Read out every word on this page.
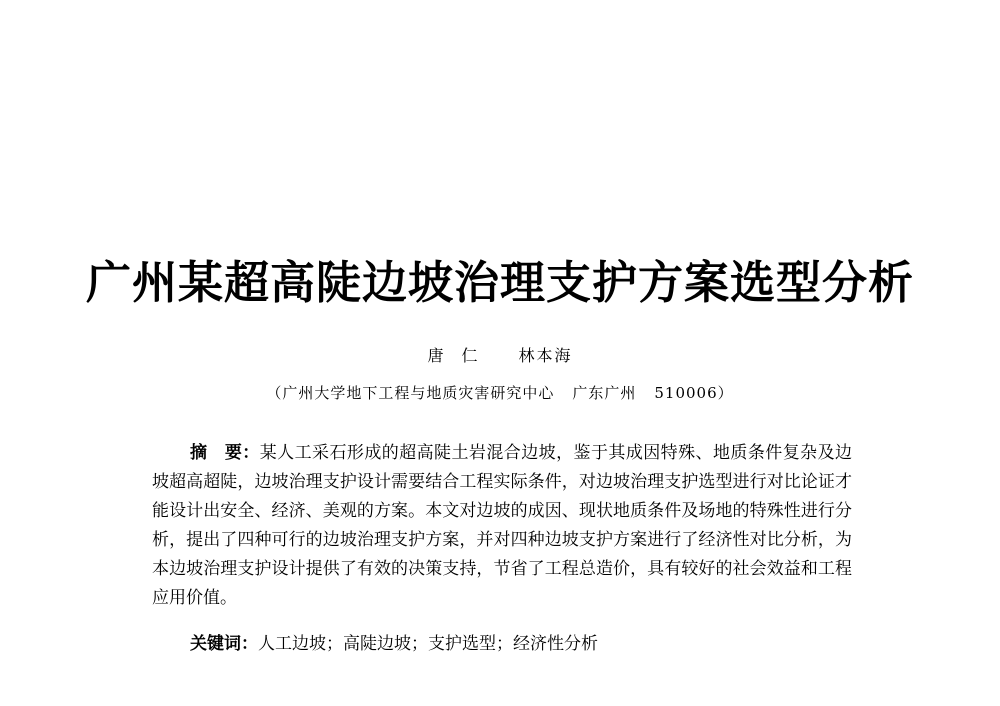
广州某超高陡边坡治理支护方案选型分析
唐仁 林本海
（广州大学地下工程与地质灾害研究中心 广东广州 510006）
摘　要：某人工采石形成的超高陡土岩混合边坡，鉴于其成因特殊、地质条件复杂及边坡超高超陡，边坡治理支护设计需要结合工程实际条件，对边坡治理支护选型进行对比论证才能设计出安全、经济、美观的方案。本文对边坡的成因、现状地质条件及场地的特殊性进行分析，提出了四种可行的边坡治理支护方案，并对四种边坡支护方案进行了经济性对比分析，为本边坡治理支护设计提供了有效的决策支持，节省了工程总造价，具有较好的社会效益和工程应用价值。
关键词：人工边坡；高陡边坡；支护选型；经济性分析
